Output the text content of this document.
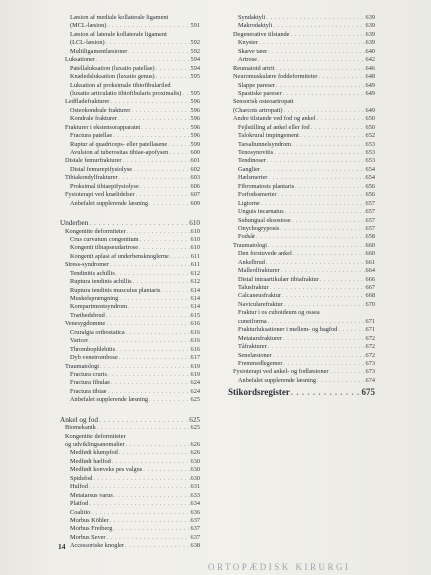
Læsion af mediale kollaterale ligament
(MCL-læsion) . . .	591
Læsion af laterale kollaterale ligament
(LCL-læsion) . . .	592
Multiligamentlæsioner . . .	592
Luksationer . . .	594
Patellaluksation (luxatio patellae) . . .	594
Knæledsluksation (luxatio genus) . . .	595
Luksation af proksimale tibiofibulariled
(luxatio articulatio tibiofibularis proximalis) . . . 595
Ledfladefrakturer . . .	596
Osteokondrale frakturer . . .	596
Kondrale frakturer . . .	596
Frakturer i ekstensorapparatet . . .	596
Fractura patellae . . .	596
Ruptur af quadriceps- eller patellasene . . .	599
Avulsion af tuberositas tibiae-apofysen . . .	600
Distale femurfrakturer . . .	601
Distal femurepifysiolyse . . .	602
Tibiakondylfrakturer . . .	603
Proksimal tibiaepifysiolyse . . .	606
Fysioterapi ved knælidelser . . .	607
Anbefalet supplerende læsning . . .	609
Underben . . .	610
Kongenitte deformiteter . . .	610
Crus curvatum congenitum . . .	610
Kongenit tibiapseudartrose . . .	610
Kongenit aplasi af underbensknoglerne . . .	611
Stress-syndromer . . .	611
Tendinitis achillis . . .	612
Ruptura tendinis achillis . . .	612
Ruptura tendinis musculus plantaris . . .	614
Muskelsprængning . . .	614
Kompartmentsyndrom . . .	614
Træthedsbrud . . .	615
Venesygdomme . . .	616
Cruralgia orthostatica . . .	616
Varicer . . .	616
Thrombophlebitis . . .	616
Dyb venetrombose . . .	617
Traumatologi . . .	619
Fractura cruris . . .	619
Fractura fibulae . . .	624
Fractura tibiae . . .	624
Anbefalet supplerende læsning . . .	625
Ankel og fod . . .	625
Biomekanik . . .	625
Kongenitte deformiteter
og udviklingsanomalier . . .	626
Medfødt klumpfod . . .	626
Medfødt hælfod . . .	630
Medfødt konveks pes valgus . . .	630
Spidsfod . . .	630
Hulfod . . .	631
Metatarsus varus . . .	633
Platfod . . .	634
Coalitio . . .	636
Morbus Köhler . . .	637
Morbus Freiberg . . .	637
Morbus Sever . . .	637
Accessoriske knogler . . .	638
Syndaktyli . . .	639
Makrodaktyli . . .	639
Degenerative tilstande . . .	639
Knyster . . .	639
Skæve tæer . . .	640
Artrose . . .	642
Reumatoid artrit . . .	646
Neuromuskulære foddeformiteter . . .	648
Slappe pareser . . .	649
Spastiske pareser . . .	649
Sensorisk osteoartropati
(Charcots artropati) . . .	649
Andre tilstande ved fod og ankel . . .	650
Fejlstilling af ankel eller fod . . .	650
Talokrural impingement . . .	652
Tarsaltunnelsyndrom . . .	653
Tenosynovitis . . .	653
Tendinoser . . .	653
Ganglier . . .	654
Hælsmerter . . .	654
Fibromatosis plantaris . . .	656
Forfodssmerter . . .	656
Ligtorne . . .	657
Unguis incarnatus . . .	657
Subungual eksostose . . .	657
Onychogryposis . . .	657
Fodsår . . .	658
Traumatologi . . .	660
Den forstuvede ankel . . .	660
Ankelbrud . . .	661
Malleolfrakturer . . .	664
Distal intraartikulær tibiafraktur . . .	666
Talusfraktur . . .	667
Calcaneusfraktur . . .	668
Navicularefraktur . . .	670
Fraktur i os cuboideum og ossea
cuneiforma . . .	671
Frakturluksationer i mellem- og bagfod . . .	671
Metatarsfrakturer . . .	672
Tåfrakturer . . .	672
Senelæsioner . . .	672
Fremmedlegemer . . .	673
Fysioterapi ved ankel- og fodlæsioner . . .	673
Anbefalet supplerende læsning . . .	674
Stikordsregister . . .	675
14
ORTOPÆDISK KIRURGI
